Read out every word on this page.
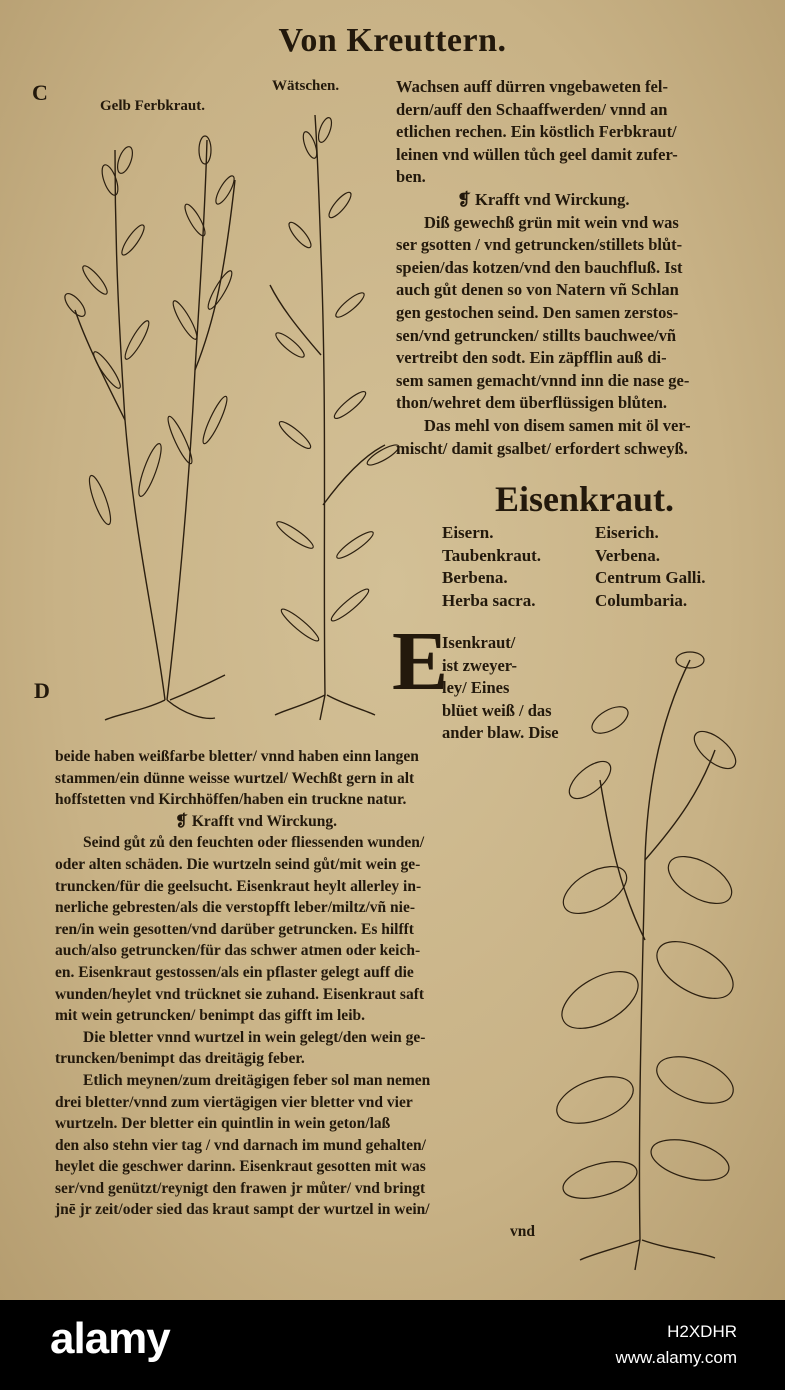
Von Kreuttern.
C
D
Gelb Ferbkraut.
Wätschen.	Wachsen auff dürren vngebaweten fel-
dern/auff den Schaaffwerden/ vnnd an
etlichen rechen. Ein köstlich Ferbkraut/
leinen vnd wüllen tůch geel damit zufer-
ben.
❡ Krafft vnd Wirckung.
Diß gewechß grün mit wein vnd was
ser gsotten / vnd getruncken/stillets blůt-
speien/das kotzen/vnd den bauchfluß. Ist
auch gůt denen so von Natern vñ Schlan
gen gestochen seind. Den samen zerstos-
sen/vnd getruncken/ stillts bauchwee/vñ
vertreibt den sodt. Ein zäpfflin auß di-
sem samen gemacht/vnnd inn die nase ge-
thon/wehret dem überflüssigen blůten.
Das mehl von disem samen mit öl ver-
mischt/ damit gsalbet/ erfordert schweyß.
Eisenkraut.
Eisern.
Taubenkraut.
Berbena.
Herba sacra.
Eiserich.
Verbena.
Centrum Galli.
Columbaria.
E
Isenkraut/
ist zweyer-
ley/ Eines
blüet weiß / das
ander blaw. Dise
beide haben weißfarbe bletter/ vnnd haben einn langen
stammen/ein dünne weisse wurtzel/ Wechßt gern in alt
hoffstetten vnd Kirchhöffen/haben ein truckne natur.
❡ Krafft vnd Wirckung.
Seind gůt zů den feuchten oder fliessenden wunden/
oder alten schäden. Die wurtzeln seind gůt/mit wein ge-
truncken/für die geelsucht. Eisenkraut heylt allerley in-
nerliche gebresten/als die verstopfft leber/miltz/vñ nie-
ren/in wein gesotten/vnd darüber getruncken. Es hilfft
auch/also getruncken/für das schwer atmen oder keich-
en. Eisenkraut gestossen/als ein pflaster gelegt auff die
wunden/heylet vnd trücknet sie zuhand. Eisenkraut saft
mit wein getruncken/ benimpt das gifft im leib.
Die bletter vnnd wurtzel in wein gelegt/den wein ge-
truncken/benimpt das dreitägig feber.
Etlich meynen/zum dreitägigen feber sol man nemen
drei bletter/vnnd zum viertägigen vier bletter vnd vier
wurtzeln. Der bletter ein quintlin in wein geton/laß
den also stehn vier tag / vnd darnach im mund gehalten/
heylet die geschwer darinn. Eisenkraut gesotten mit was
ser/vnd genützt/reynigt den frawen jr můter/ vnd bringt
jnē jr zeit/oder sied das kraut sampt der wurtzel in wein/
vnd
alamy	H2XDHR
www.alamy.com
